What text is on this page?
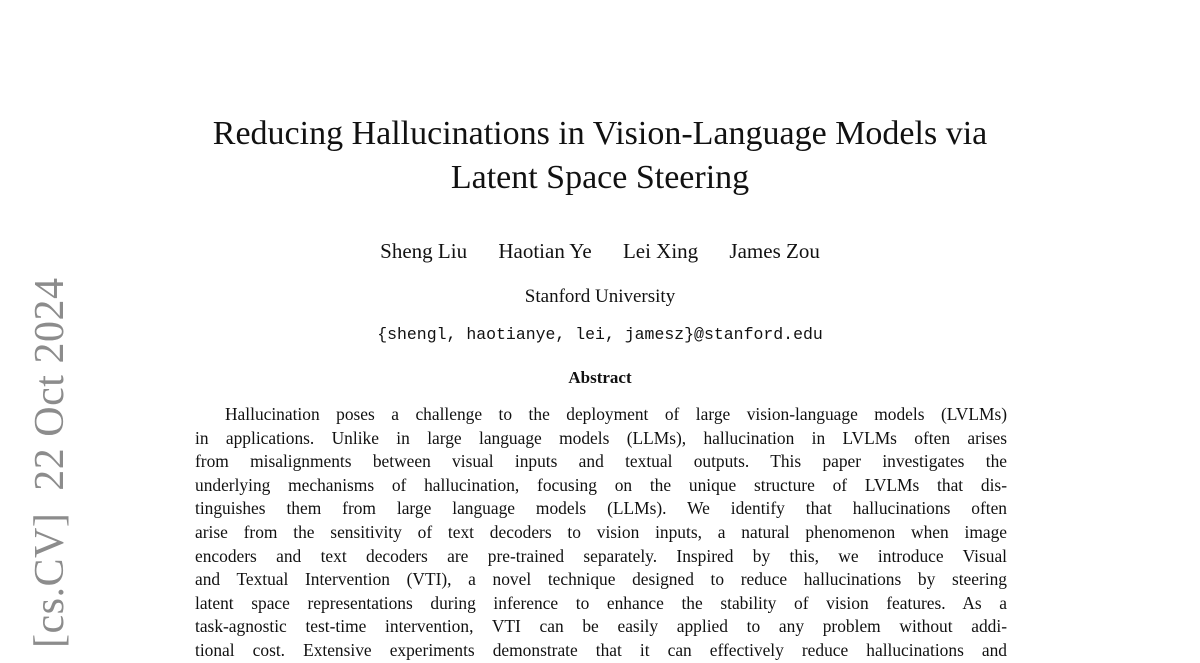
[cs.CV]22 Oct 2024
Reducing Hallucinations in Vision-Language Models via
Latent Space Steering
Sheng Liu Haotian Ye Lei Xing James Zou
Stanford University
{shengl, haotianye, lei, jamesz}@stanford.edu
Abstract
Hallucination poses a challenge to the deployment of large vision-language models (LVLMs)
in applications. Unlike in large language models (LLMs), hallucination in LVLMs often arises
from misalignments between visual inputs and textual outputs. This paper investigates the
underlying mechanisms of hallucination, focusing on the unique structure of LVLMs that dis-
tinguishes them from large language models (LLMs). We identify that hallucinations often
arise from the sensitivity of text decoders to vision inputs, a natural phenomenon when image
encoders and text decoders are pre-trained separately. Inspired by this, we introduce Visual
and Textual Intervention (VTI), a novel technique designed to reduce hallucinations by steering
latent space representations during inference to enhance the stability of vision features. As a
task-agnostic test-time intervention, VTI can be easily applied to any problem without addi-
tional cost. Extensive experiments demonstrate that it can effectively reduce hallucinations and
